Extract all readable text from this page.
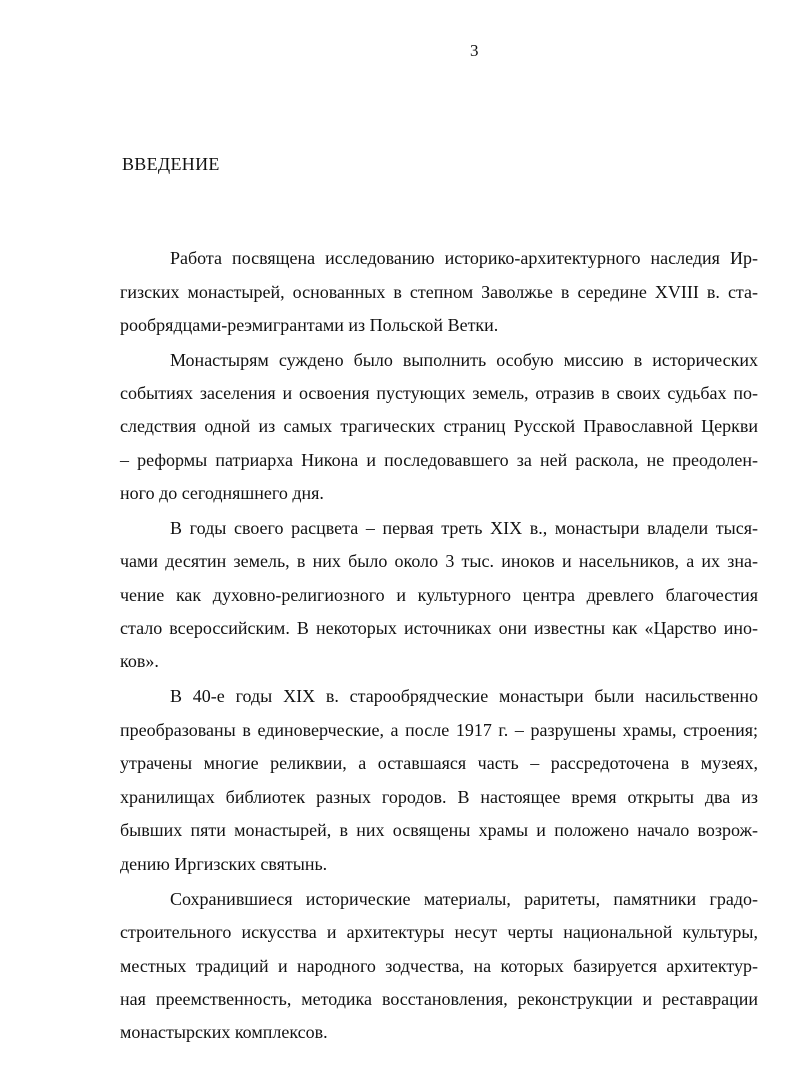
3
ВВЕДЕНИЕ
Работа посвящена исследованию историко-архитектурного наследия Ир-
гизских монастырей, основанных в степном Заволжье в середине XVIII в. ста-
рообрядцами-реэмигрантами из Польской Ветки.
Монастырям суждено было выполнить особую миссию в исторических
событиях заселения и освоения пустующих земель, отразив в своих судьбах по-
следствия одной из самых трагических страниц Русской Православной Церкви
– реформы патриарха Никона и последовавшего за ней раскола, не преодолен-
ного до сегодняшнего дня.
В годы своего расцвета – первая треть XIX в., монастыри владели тыся-
чами десятин земель, в них было около 3 тыс. иноков и насельников, а их зна-
чение как духовно-религиозного и культурного центра древлего благочестия
стало всероссийским. В некоторых источниках они известны как «Царство ино-
ков».
В 40-е годы XIX в. старообрядческие монастыри были насильственно
преобразованы в единоверческие, а после 1917 г. – разрушены храмы, строения;
утрачены многие реликвии, а оставшаяся часть – рассредоточена в музеях,
хранилищах библиотек разных городов. В настоящее время открыты два из
бывших пяти монастырей, в них освящены храмы и положено начало возрож-
дению Иргизских святынь.
Сохранившиеся исторические материалы, раритеты, памятники градо-
строительного искусства и архитектуры несут черты национальной культуры,
местных традиций и народного зодчества, на которых базируется архитектур-
ная преемственность, методика восстановления, реконструкции и реставрации
монастырских комплексов.
